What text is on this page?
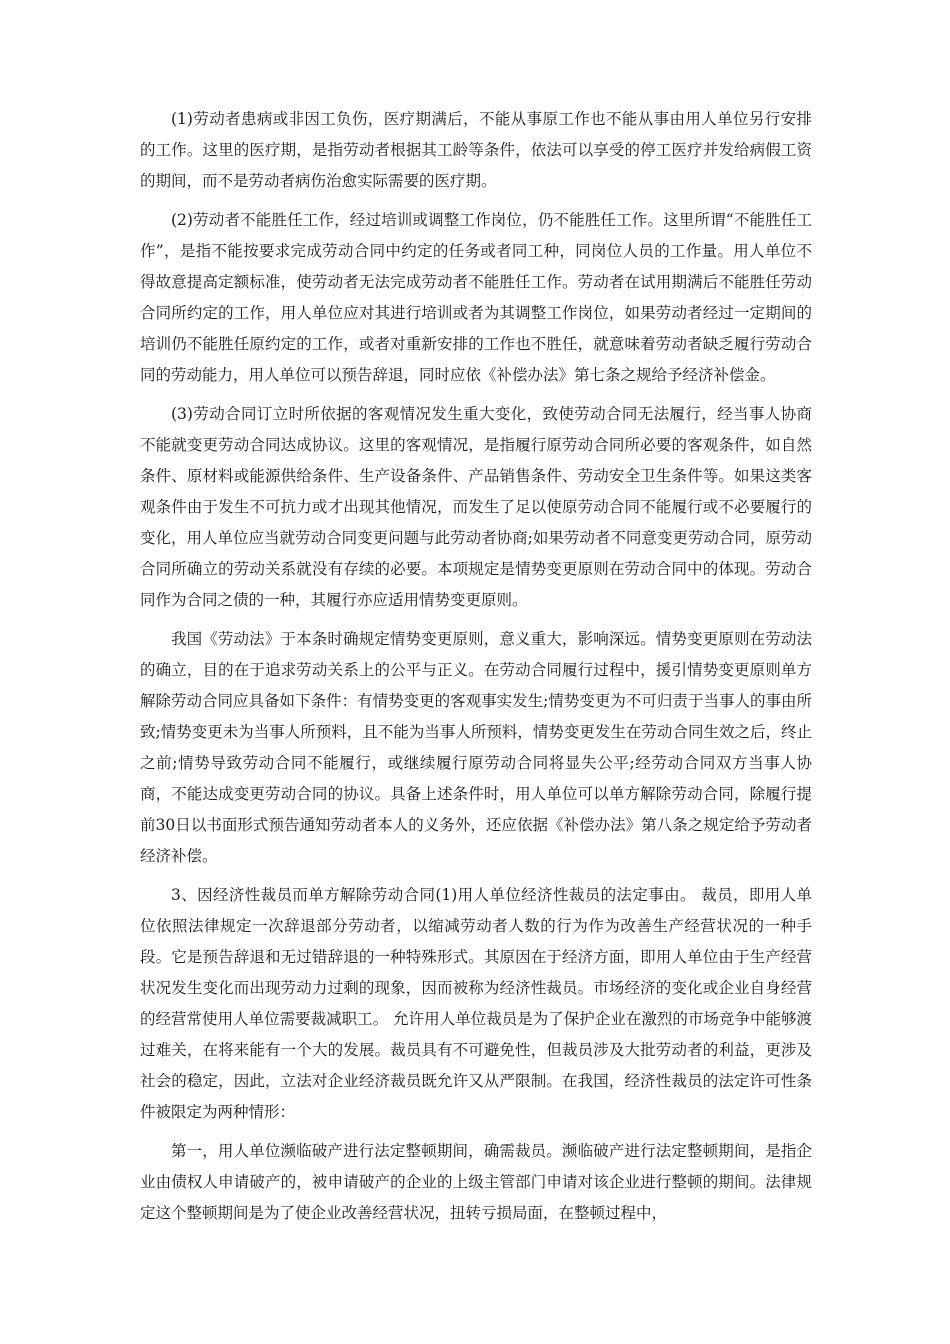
(1)劳动者患病或非因工负伤，医疗期满后，不能从事原工作也不能从事由用人单位另行安排的工作。这里的医疗期，是指劳动者根据其工龄等条件，依法可以享受的停工医疗并发给病假工资的期间，而不是劳动者病伤治愈实际需要的医疗期。

(2)劳动者不能胜任工作，经过培训或调整工作岗位，仍不能胜任工作。这里所谓“不能胜任工作”，是指不能按要求完成劳动合同中约定的任务或者同工种，同岗位人员的工作量。用人单位不得故意提高定额标准，使劳动者无法完成劳动者不能胜任工作。劳动者在试用期满后不能胜任劳动合同所约定的工作，用人单位应对其进行培训或者为其调整工作岗位，如果劳动者经过一定期间的培训仍不能胜任原约定的工作，或者对重新安排的工作也不胜任，就意味着劳动者缺乏履行劳动合同的劳动能力，用人单位可以预告辞退，同时应依《补偿办法》第七条之规给予经济补偿金。

(3)劳动合同订立时所依据的客观情况发生重大变化，致使劳动合同无法履行，经当事人协商不能就变更劳动合同达成协议。这里的客观情况，是指履行原劳动合同所必要的客观条件，如自然条件、原材料或能源供给条件、生产设备条件、产品销售条件、劳动安全卫生条件等。如果这类客观条件由于发生不可抗力或才出现其他情况，而发生了足以使原劳动合同不能履行或不必要履行的变化，用人单位应当就劳动合同变更问题与此劳动者协商;如果劳动者不同意变更劳动合同，原劳动合同所确立的劳动关系就没有存续的必要。本项规定是情势变更原则在劳动合同中的体现。劳动合同作为合同之债的一种，其履行亦应适用情势变更原则。

我国《劳动法》于本条时确规定情势变更原则，意义重大，影响深远。情势变更原则在劳动法的确立，目的在于追求劳动关系上的公平与正义。在劳动合同履行过程中，援引情势变更原则单方解除劳动合同应具备如下条件：有情势变更的客观事实发生;情势变更为不可归责于当事人的事由所致;情势变更未为当事人所预料，且不能为当事人所预料，情势变更发生在劳动合同生效之后，终止之前;情势导致劳动合同不能履行，或继续履行原劳动合同将显失公平;经劳动合同双方当事人协商，不能达成变更劳动合同的协议。具备上述条件时，用人单位可以单方解除劳动合同，除履行提前30日以书面形式预告通知劳动者本人的义务外，还应依据《补偿办法》第八条之规定给予劳动者经济补偿。

3、因经济性裁员而单方解除劳动合同(1)用人单位经济性裁员的法定事由。 裁员，即用人单位依照法律规定一次辞退部分劳动者，以缩减劳动者人数的行为作为改善生产经营状况的一种手段。它是预告辞退和无过错辞退的一种特殊形式。其原因在于经济方面，即用人单位由于生产经营状况发生变化而出现劳动力过剩的现象，因而被称为经济性裁员。市场经济的变化或企业自身经营的经营常使用人单位需要裁减职工。 允许用人单位裁员是为了保护企业在激烈的市场竞争中能够渡过难关，在将来能有一个大的发展。裁员具有不可避免性，但裁员涉及大批劳动者的利益，更涉及社会的稳定，因此，立法对企业经济裁员既允许又从严限制。在我国，经济性裁员的法定许可性条件被限定为两种情形：

第一，用人单位濒临破产进行法定整顿期间，确需裁员。濒临破产进行法定整顿期间，是指企业由债权人申请破产的，被申请破产的企业的上级主管部门申请对该企业进行整顿的期间。法律规定这个整顿期间是为了使企业改善经营状况，扭转亏损局面，在整顿过程中，
